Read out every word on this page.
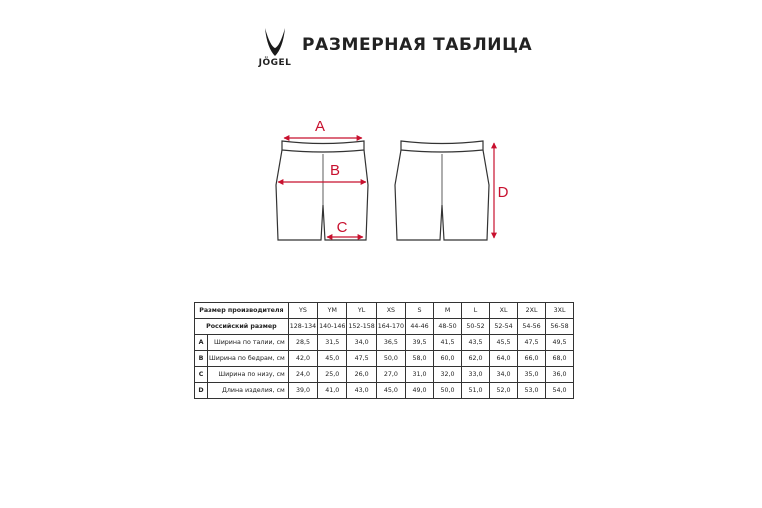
JÖGEL
РАЗМЕРНАЯ ТАБЛИЦА
A
B
C
D
Размер производителя		YS	YM	YL	XS	S	M	L	XL	2XL	3XL
Российский размер		128-134	140-146	152-158	164-170	44-46	48-50	50-52	52-54	54-56	56-58
A	Ширина по талии, см	28,5	31,5	34,0	36,5	39,5	41,5	43,5	45,5	47,5	49,5
B	Ширина по бедрам, см	42,0	45,0	47,5	50,0	58,0	60,0	62,0	64,0	66,0	68,0
C	Ширина по низу, см	24,0	25,0	26,0	27,0	31,0	32,0	33,0	34,0	35,0	36,0
D	Длина изделия, см	39,0	41,0	43,0	45,0	49,0	50,0	51,0	52,0	53,0	54,0
